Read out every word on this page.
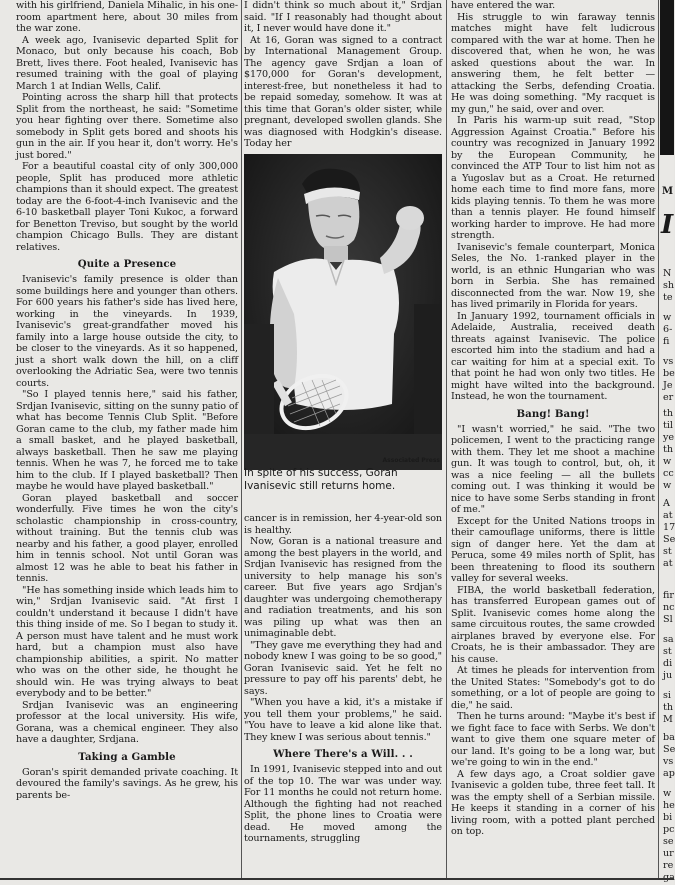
with his girlfriend, Daniela Mihalic, in his one-room apartment here, about 30 miles from the war zone.

A week ago, Ivanisevic departed Split for Monaco, but only because his coach, Bob Brett, lives there. Foot healed, Ivanisevic has resumed training with the goal of playing March 1 at Indian Wells, Calif.

Pointing across the sharp hill that protects Split from the northeast, he said: "Sometime you hear fighting over there. Sometime also somebody in Split gets bored and shoots his gun in the air. If you hear it, don't worry. He's just bored."

For a beautiful coastal city of only 300,000 people, Split has produced more athletic champions than it should expect. The greatest today are the 6-foot-4-inch Ivanisevic and the 6-10 basketball player Toni Kukoc, a forward for Benetton Treviso, but sought by the world champion Chicago Bulls. They are distant relatives.

Quite a Presence

Ivanisevic's family presence is older than some buildings here and younger than others. For 600 years his father's side has lived here, working in the vineyards. In 1939, Ivanisevic's great-grandfather moved his family into a large house outside the city, to be closer to the vineyards. As it so happened, just a short walk down the hill, on a cliff overlooking the Adriatic Sea, were two tennis courts.

"So I played tennis here," said his father, Srdjan Ivanisevic, sitting on the sunny patio of what has become Tennis Club Split. "Before Goran came to the club, my father made him a small basket, and he played basketball, always basketball. Then he saw me playing tennis. When he was 7, he forced me to take him to the club. If I played basketball? Then maybe he would have played basketball."

Goran played basketball and soccer wonderfully. Five times he won the city's scholastic championship in cross-country, without training. But the tennis club was nearby and his father, a good player, enrolled him in tennis school. Not until Goran was almost 12 was he able to beat his father in tennis.

"He has something inside which leads him to win," Srdjan Ivanisevic said. "At first I couldn't understand it because I didn't have this thing inside of me. So I began to study it. A person must have talent and he must work hard, but a champion must also have championship abilities, a spirit. No matter who was on the other side, he thought he should win. He was trying always to beat everybody and to be better."

Srdjan Ivanisevic was an engineering professor at the local university. His wife, Gorana, was a chemical engineer. They also have a daughter, Srdjana.

Taking a Gamble

Goran's spirit demanded private coaching. It devoured the family's savings. As he grew, his parents be-

I didn't think so much about it," Srdjan said. "If I reasonably had thought about it, I never would have done it."

At 16, Goran was signed to a contract by International Management Group. The agency gave Srdjan a loan of $170,000 for Goran's development, interest-free, but nonetheless it had to be repaid someday, somehow. It was at this time that Goran's older sister, while pregnant, developed swollen glands. She was diagnosed with Hodgkin's disease. Today her

Associated Press
In spite of his success, Goran Ivanisevic still returns home.

cancer is in remission, her 4-year-old son is healthy.

Now, Goran is a national treasure and among the best players in the world, and Srdjan Ivanisevic has resigned from the university to help manage his son's career. But five years ago Srdjan's daughter was undergoing chemotherapy and radiation treatments, and his son was piling up what was then an unimaginable debt.

"They gave me everything they had and nobody knew I was going to be so good," Goran Ivanisevic said. Yet he felt no pressure to pay off his parents' debt, he says.

"When you have a kid, it's a mistake if you tell them your problems," he said. "You have to leave a kid alone like that. They knew I was serious about tennis."

Where There's a Will. . .

In 1991, Ivanisevic stepped into and out of the top 10. The war was under way. For 11 months he could not return home. Although the fighting had not reached Split, the phone lines to Croatia were dead. He moved among the tournaments, struggling

have entered the war.

His struggle to win faraway tennis matches might have felt ludicrous compared with the war at home. Then he discovered that, when he won, he was asked questions about the war. In answering them, he felt better — attacking the Serbs, defending Croatia. He was doing something. "My racquet is my gun," he said, over and over.

In Paris his warm-up suit read, "Stop Aggression Against Croatia." Before his country was recognized in January 1992 by the European Community, he convinced the ATP Tour to list him not as a Yugoslav but as a Croat. He returned home each time to find more fans, more kids playing tennis. To them he was more than a tennis player. He found himself working harder to improve. He had more strength.

Ivanisevic's female counterpart, Monica Seles, the No. 1-ranked player in the world, is an ethnic Hungarian who was born in Serbia. She has remained disconnected from the war. Now 19, she has lived primarily in Florida for years.

In January 1992, tournament officials in Adelaide, Australia, received death threats against Ivanisevic. The police escorted him into the stadium and had a car waiting for him at a special exit. To that point he had won only two titles. He might have wilted into the background. Instead, he won the tournament.

Bang! Bang!

"I wasn't worried," he said. "The two policemen, I went to the practicing range with them. They let me shoot a machine gun. It was tough to control, but, oh, it was a nice feeling — all the bullets coming out. I was thinking it would be nice to have some Serbs standing in front of me."

Except for the United Nations troops in their camouflage uniforms, there is little sign of danger here. Yet the dam at Peruca, some 49 miles north of Split, has been threatening to flood its southern valley for several weeks.

FIBA, the world basketball federation, has transferred European games out of Split. Ivanisevic comes home along the same circuitous routes, the same crowded airplanes braved by everyone else. For Croats, he is their ambassador. They are his cause.

At times he pleads for intervention from the United States: "Somebody's got to do something, or a lot of people are going to die," he said.

Then he turns around: "Maybe it's best if we fight face to face with Serbs. We don't want to give them one square meter of our land. It's going to be a long war, but we're going to win in the end."

A few days ago, a Croat soldier gave Ivanisevic a golden tube, three feet tall. It was the empty shell of a Serbian missile. He keeps it standing in a corner of his living room, with a potted plant perched on top.

M
I
N
sh
te
w
6-
fi
vs
be
Je
er
th
til
ye
th
w
cc
w
A
at
17
Se
st
at
fir
nc
Sl
sa
st
di
ju
si
th
M
ba
Se
vs
ap
w
he
bi
pc
se
ur
re
